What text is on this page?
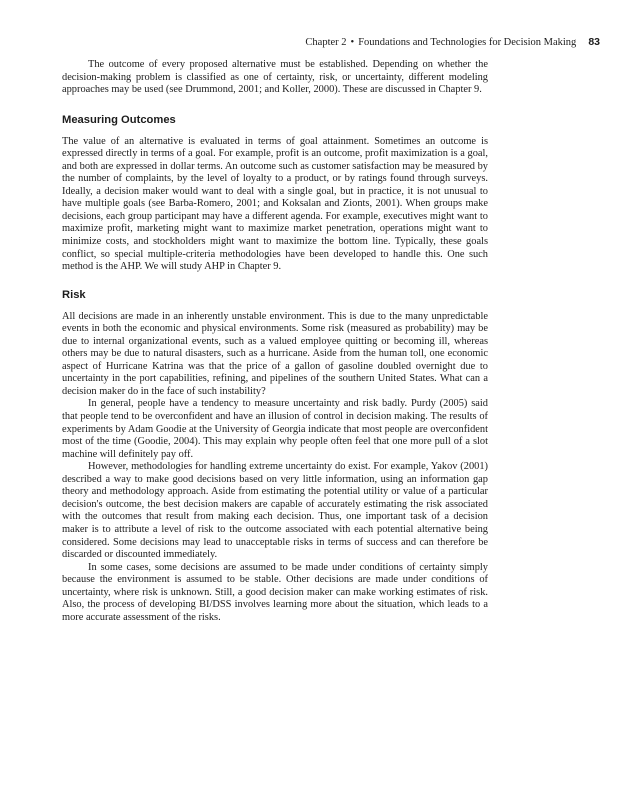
Chapter 2 • Foundations and Technologies for Decision Making 83

The outcome of every proposed alternative must be established. Depending on whether the decision-making problem is classified as one of certainty, risk, or uncertainty, different modeling approaches may be used (see Drummond, 2001; and Koller, 2000). These are discussed in Chapter 9.

Measuring Outcomes

The value of an alternative is evaluated in terms of goal attainment. Sometimes an outcome is expressed directly in terms of a goal. For example, profit is an outcome, profit maximization is a goal, and both are expressed in dollar terms. An outcome such as customer satisfaction may be measured by the number of complaints, by the level of loyalty to a product, or by ratings found through surveys. Ideally, a decision maker would want to deal with a single goal, but in practice, it is not unusual to have multiple goals (see Barba-Romero, 2001; and Koksalan and Zionts, 2001). When groups make decisions, each group participant may have a different agenda. For example, executives might want to maximize profit, marketing might want to maximize market penetration, operations might want to minimize costs, and stockholders might want to maximize the bottom line. Typically, these goals conflict, so special multiple-criteria methodologies have been developed to handle this. One such method is the AHP. We will study AHP in Chapter 9.

Risk

All decisions are made in an inherently unstable environment. This is due to the many unpredictable events in both the economic and physical environments. Some risk (measured as probability) may be due to internal organizational events, such as a valued employee quitting or becoming ill, whereas others may be due to natural disasters, such as a hurricane. Aside from the human toll, one economic aspect of Hurricane Katrina was that the price of a gallon of gasoline doubled overnight due to uncertainty in the port capabilities, refining, and pipelines of the southern United States. What can a decision maker do in the face of such instability?

In general, people have a tendency to measure uncertainty and risk badly. Purdy (2005) said that people tend to be overconfident and have an illusion of control in decision making. The results of experiments by Adam Goodie at the University of Georgia indicate that most people are overconfident most of the time (Goodie, 2004). This may explain why people often feel that one more pull of a slot machine will definitely pay off.

However, methodologies for handling extreme uncertainty do exist. For example, Yakov (2001) described a way to make good decisions based on very little information, using an information gap theory and methodology approach. Aside from estimating the potential utility or value of a particular decision's outcome, the best decision makers are capable of accurately estimating the risk associated with the outcomes that result from making each decision. Thus, one important task of a decision maker is to attribute a level of risk to the outcome associated with each potential alternative being considered. Some decisions may lead to unacceptable risks in terms of success and can therefore be discarded or discounted immediately.

In some cases, some decisions are assumed to be made under conditions of certainty simply because the environment is assumed to be stable. Other decisions are made under conditions of uncertainty, where risk is unknown. Still, a good decision maker can make working estimates of risk. Also, the process of developing BI/DSS involves learning more about the situation, which leads to a more accurate assessment of the risks.
